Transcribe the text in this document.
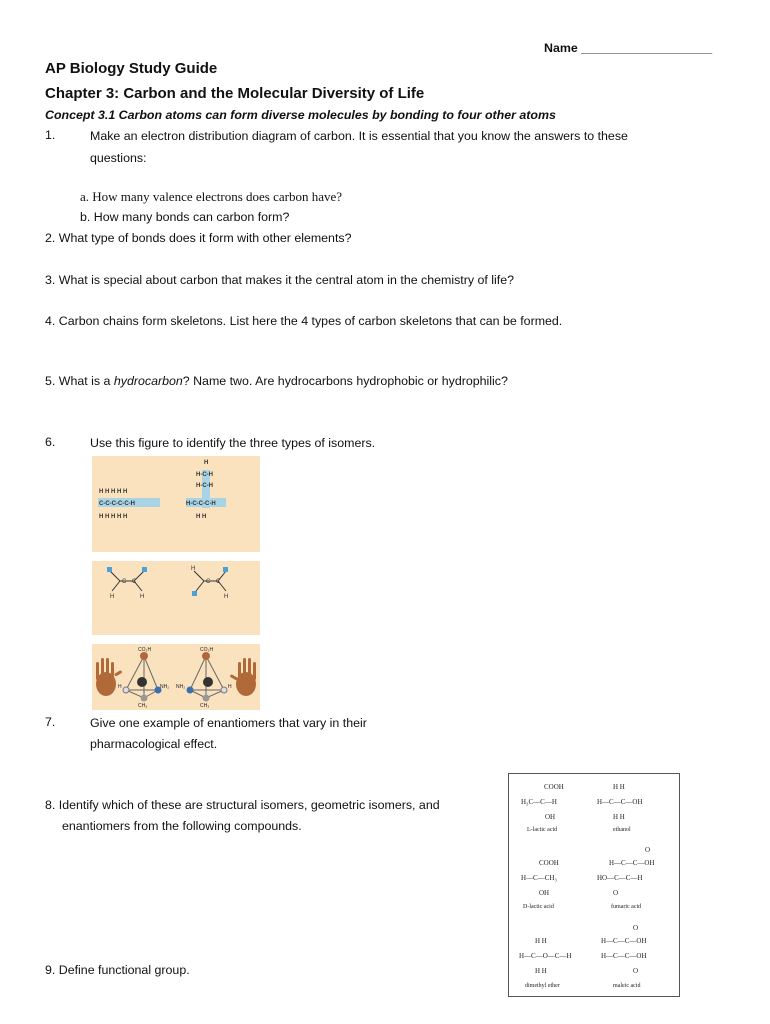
Name ___________________
AP Biology Study Guide
Chapter 3: Carbon and the Molecular Diversity of Life
Concept 3.1 Carbon atoms can form diverse molecules by bonding to four other atoms
1.	Make an electron distribution diagram of carbon. It is essential that you know the answers to these
questions:
a. How many valence electrons does carbon have?
b. How many bonds can carbon form?
2. What type of bonds does it form with other elements?
3. What is special about carbon that makes it the central atom in the chemistry of life?
4. Carbon chains form skeletons. List here the 4 types of carbon skeletons that can be formed.
5. What is a hydrocarbon? Name two. Are hydrocarbons hydrophobic or hydrophilic?
6.	Use this figure to identify the three types of isomers.
H H H H H
C-C-C-C-C-H
H H H H H
H
H-C-H
H-C-H
H-C-C-C-H
H H
C C	C C
H	H
H
H
CO₂H	CO₂H
H	NH₂ NH₂	H
CH₃	CH₃
7.	Give one example of enantiomers that vary in their
pharmacological effect.
8. Identify which of these are structural isomers, geometric isomers, and
enantiomers from the following compounds.
9. Define functional group.
COOH
H₃C—C—H
OH
L-lactic acid
H H
H—C—C—OH
H H
ethanol
COOH
H—C—CH₃
OH
D-lactic acid
O
H—C—C—OH
HO—C—C—H
O
fumaric acid
H H
H—C—O—C—H
H H
dimethyl ether
O
H—C—C—OH
H—C—C—OH
O
maleic acid
